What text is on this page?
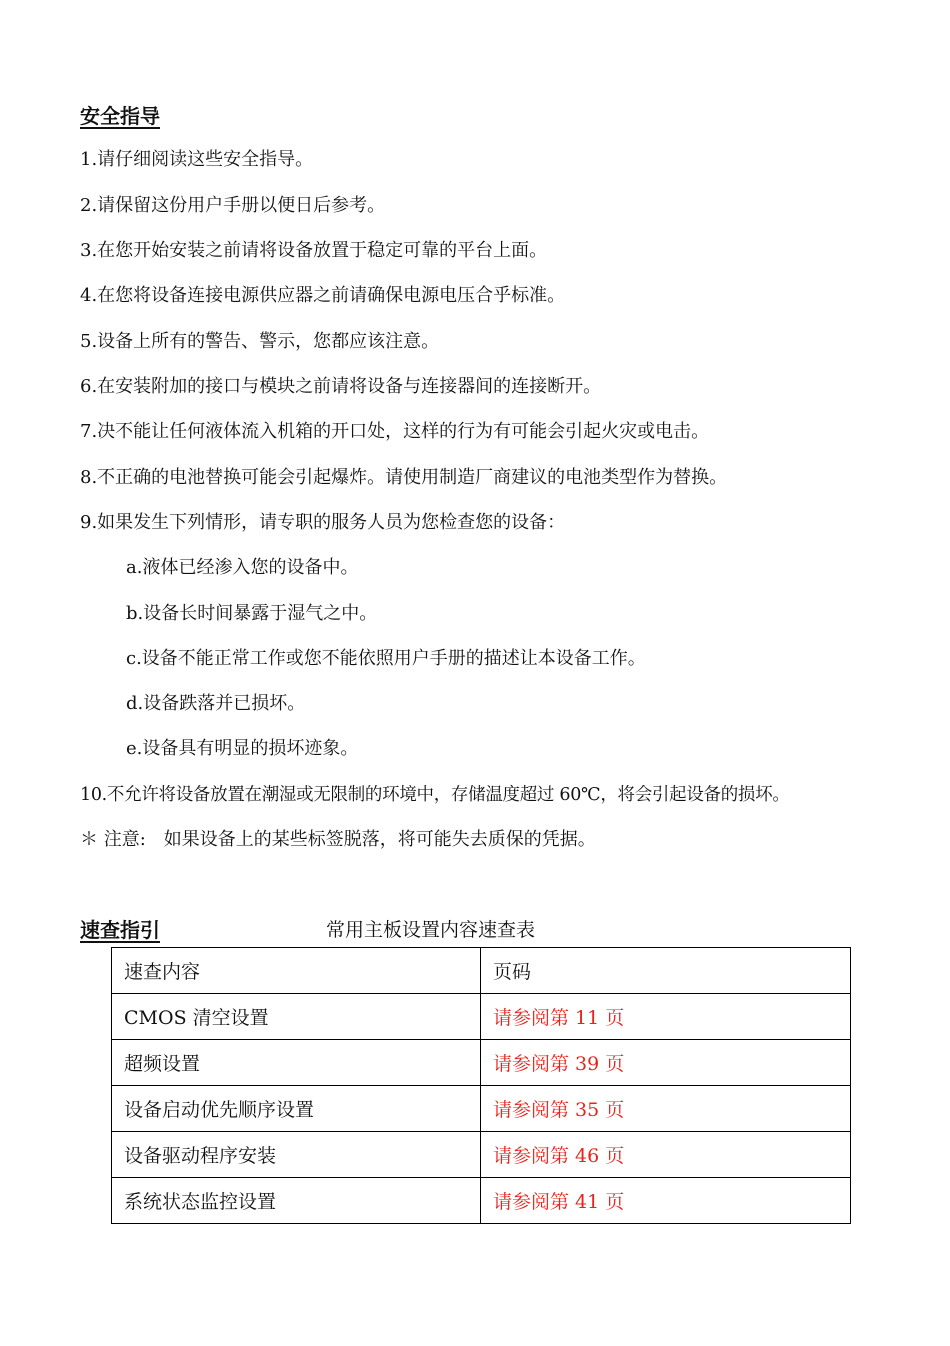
安全指导
1.请仔细阅读这些安全指导。
2.请保留这份用户手册以便日后参考。
3.在您开始安装之前请将设备放置于稳定可靠的平台上面。
4.在您将设备连接电源供应器之前请确保电源电压合乎标准。
5.设备上所有的警告、警示，您都应该注意。
6.在安装附加的接口与模块之前请将设备与连接器间的连接断开。
7.决不能让任何液体流入机箱的开口处，这样的行为有可能会引起火灾或电击。
8.不正确的电池替换可能会引起爆炸。请使用制造厂商建议的电池类型作为替换。
9.如果发生下列情形，请专职的服务人员为您检查您的设备：
a.液体已经渗入您的设备中。
b.设备长时间暴露于湿气之中。
c.设备不能正常工作或您不能依照用户手册的描述让本设备工作。
d.设备跌落并已损坏。
e.设备具有明显的损坏迹象。
10.不允许将设备放置在潮湿或无限制的环境中，存储温度超过 60℃，将会引起设备的损坏。
＊ 注意:　如果设备上的某些标签脱落，将可能失去质保的凭据。
速查指引	常用主板设置内容速查表
速查内容	页码
CMOS 清空设置	请参阅第 11 页
超频设置	请参阅第 39 页
设备启动优先顺序设置	请参阅第 35 页
设备驱动程序安装	请参阅第 46 页
系统状态监控设置	请参阅第 41 页
